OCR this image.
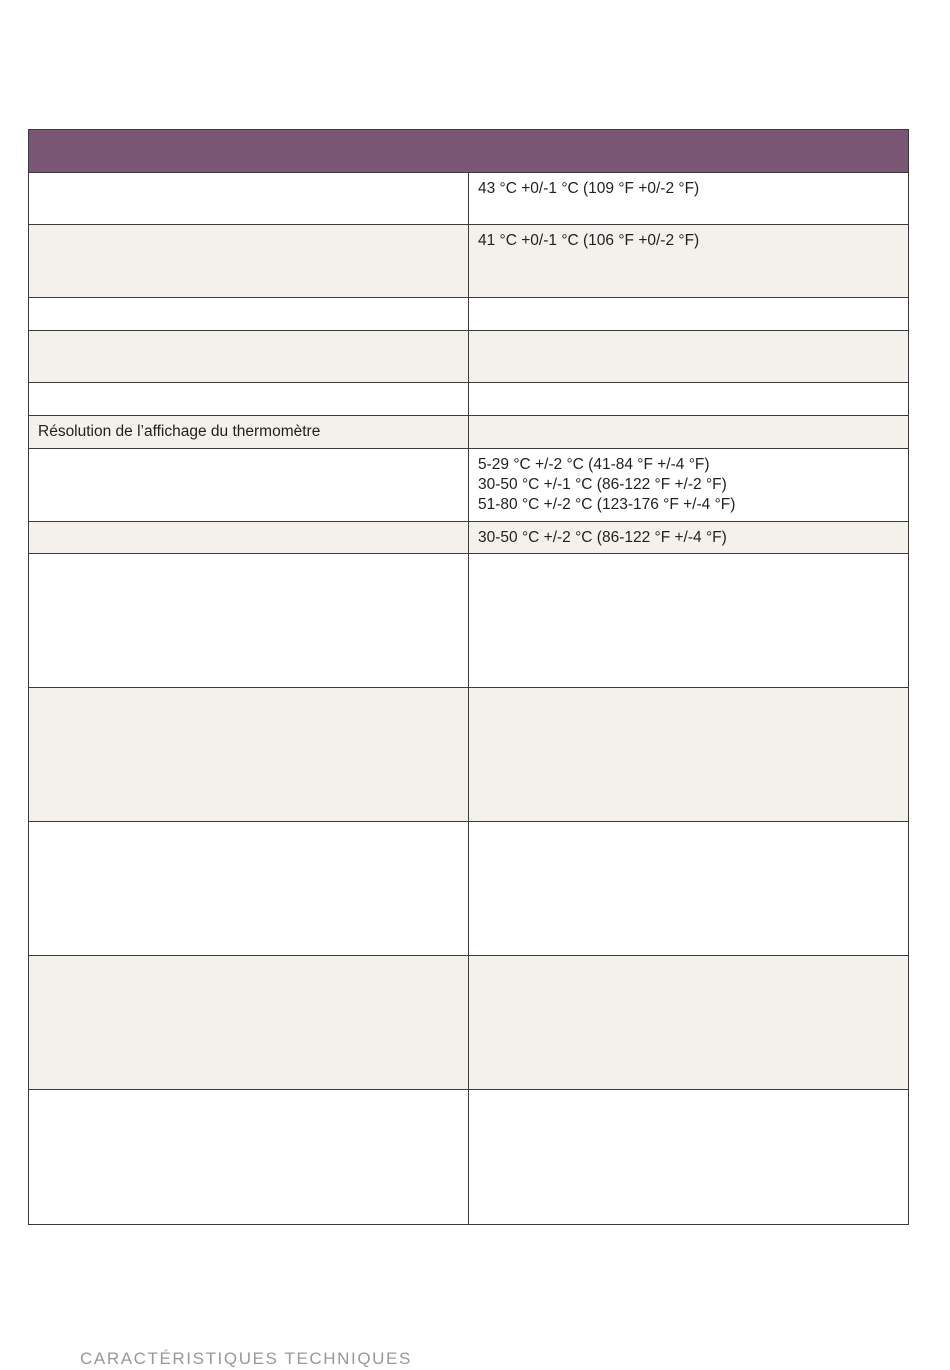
	43 °C +0/-1 °C (109 °F +0/-2 °F)

	41 °C +0/-1 °C (106 °F +0/-2 °F)

Résolution de l’affichage du thermomètre	

	5-29 °C +/-2 °C (41-84 °F +/-4 °F)
30-50 °C +/-1 °C (86-122 °F +/-2 °F)
51-80 °C +/-2 °C (123-176 °F +/-4 °F)

	30-50 °C +/-2 °C (86-122 °F +/-4 °F)

CARACTÉRISTIQUES TECHNIQUES
